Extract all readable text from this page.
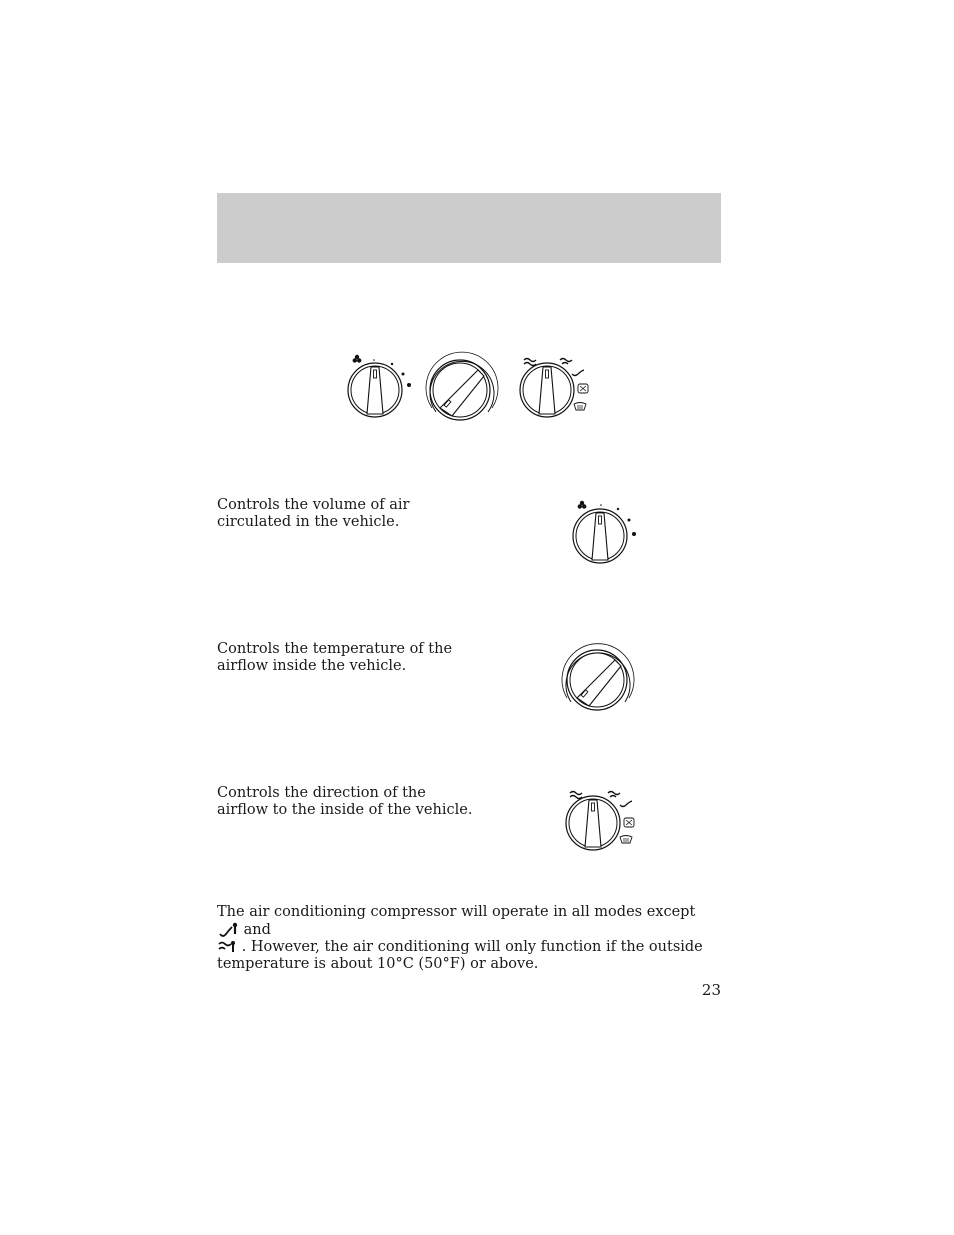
Controls the volume of air circulated in the vehicle.

Controls the temperature of the airflow inside the vehicle.

Controls the direction of the airflow to the inside of the vehicle.

The air conditioning compressor will operate in all modes except  and
. However, the air conditioning will only function if the outside temperature is about 10°C (50°F) or above.
23
